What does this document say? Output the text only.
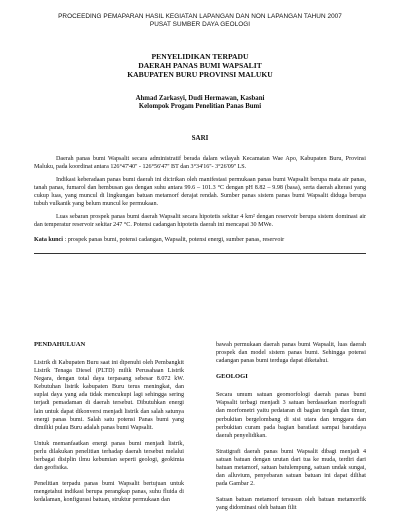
PROCEEDING PEMAPARAN HASIL KEGIATAN LAPANGAN DAN NON LAPANGAN TAHUN 2007
PUSAT SUMBER DAYA GEOLOGI
PENYELIDIKAN TERPADU
DAERAH PANAS BUMI WAPSALIT
KABUPATEN BURU PROVINSI MALUKU
Ahmad Zarkasyi, Dudi Hermawan, Kasbani
Kelompok Progam Penelitian Panas Bumi
SARI

Daerah panas bumi Wapsalit secara administratif berada dalam wilayah Kecamatan Wae Apo, Kabupaten Buru, Provinsi Maluku, pada koordinat antara 126°47'40'' - 126°56'47'' BT dan 3°34'16''- 3°26'09'' LS.

Indikasi keberadaan panas bumi daerah ini dicirikan oleh manifestasi permukaan panas bumi Wapsalit berupa mata air panas, tanah panas, fumarol dan hembusan gas dengan suhu antara 99.6 – 101.3 °C dengan pH 8.82 – 9.98 (basa), serta daerah alterasi yang cukup luas, yang muncul di lingkungan batuan metamorf derajat rendah. Sumber panas sistem panas bumi Wapsalit diduga berupa tubuh vulkanik yang belum muncul ke permukaan.

Luas sebaran prospek panas bumi daerah Wapsalit secara hipotetis sekitar 4 km² dengan reservoir berupa sistem dominasi air dan temperatur reservoir sekitar 247 °C. Potensi cadangan hipotetis daerah ini mencapai 30 MWe.

Kata kunci : prospek panas bumi, potensi cadangan, Wapsalit, potensi energi, sumber panas, reservoir
PENDAHULUAN

Listrik di Kabupaten Buru saat ini dipenuhi oleh Pembangkit Listrik Tenaga Diesel (PLTD) milik Perusahaan Listrik Negara, dengan total daya terpasang sebesar 8.072 kW. Kebutuhan listrik kabupaten Buru terus meningkat, dan suplai daya yang ada tidak mencukupi lagi sehingga sering terjadi pemadaman di daerah tersebut. Dibutuhkan energi lain untuk dapat dikonversi menjadi listrik dan salah satunya energi panas bumi. Salah satu potensi Panas bumi yang dimiliki pulau Buru adalah panas bumi Wapsalit.

Untuk memanfaatkan energi panas bumi menjadi listrik, perlu dilakukan penelitian terhadap daerah tersebut melalui berbagai disiplin ilmu kebumian seperti geologi, geokimia dan geofisika.

Penelitian terpadu panas bumi Wapsalit bertujuan untuk mengetahui indikasi berupa perangkap panas, suhu fluida di kedalaman, konfigurasi batuan, struktur permukaan dan

bawah permukaan daerah panas bumi Wapsalit, luas daerah prospek dan model sistem panas bumi. Sehingga potensi cadangan panas bumi terduga dapat diketahui.

GEOLOGI

Secara umum satuan geomorfologi daerah panas bumi Wapsalit terbagi menjadi 3 satuan berdasarkan morfografi dan morfometri yaitu pedataran di bagian tengah dan timur, perbukitan bergelombang di sisi utara dan tenggara dan perbukitan curam pada bagian baratlaut sampai baratdaya daerah penyelidikan.

Stratigrafi daerah panas bumi Wapsalit dibagi menjadi 4 satuan batuan dengan urutan dari tua ke muda, terdiri dari batuan metamorf, satuan batulempung, satuan undak sungai, dan alluvium, penyebaran satuan batuan ini dapat dilihat pada Gambar 2.

Satuan batuan metamorf tersusun oleh batuan metamorfik yang didominasi oleh batuan filit
